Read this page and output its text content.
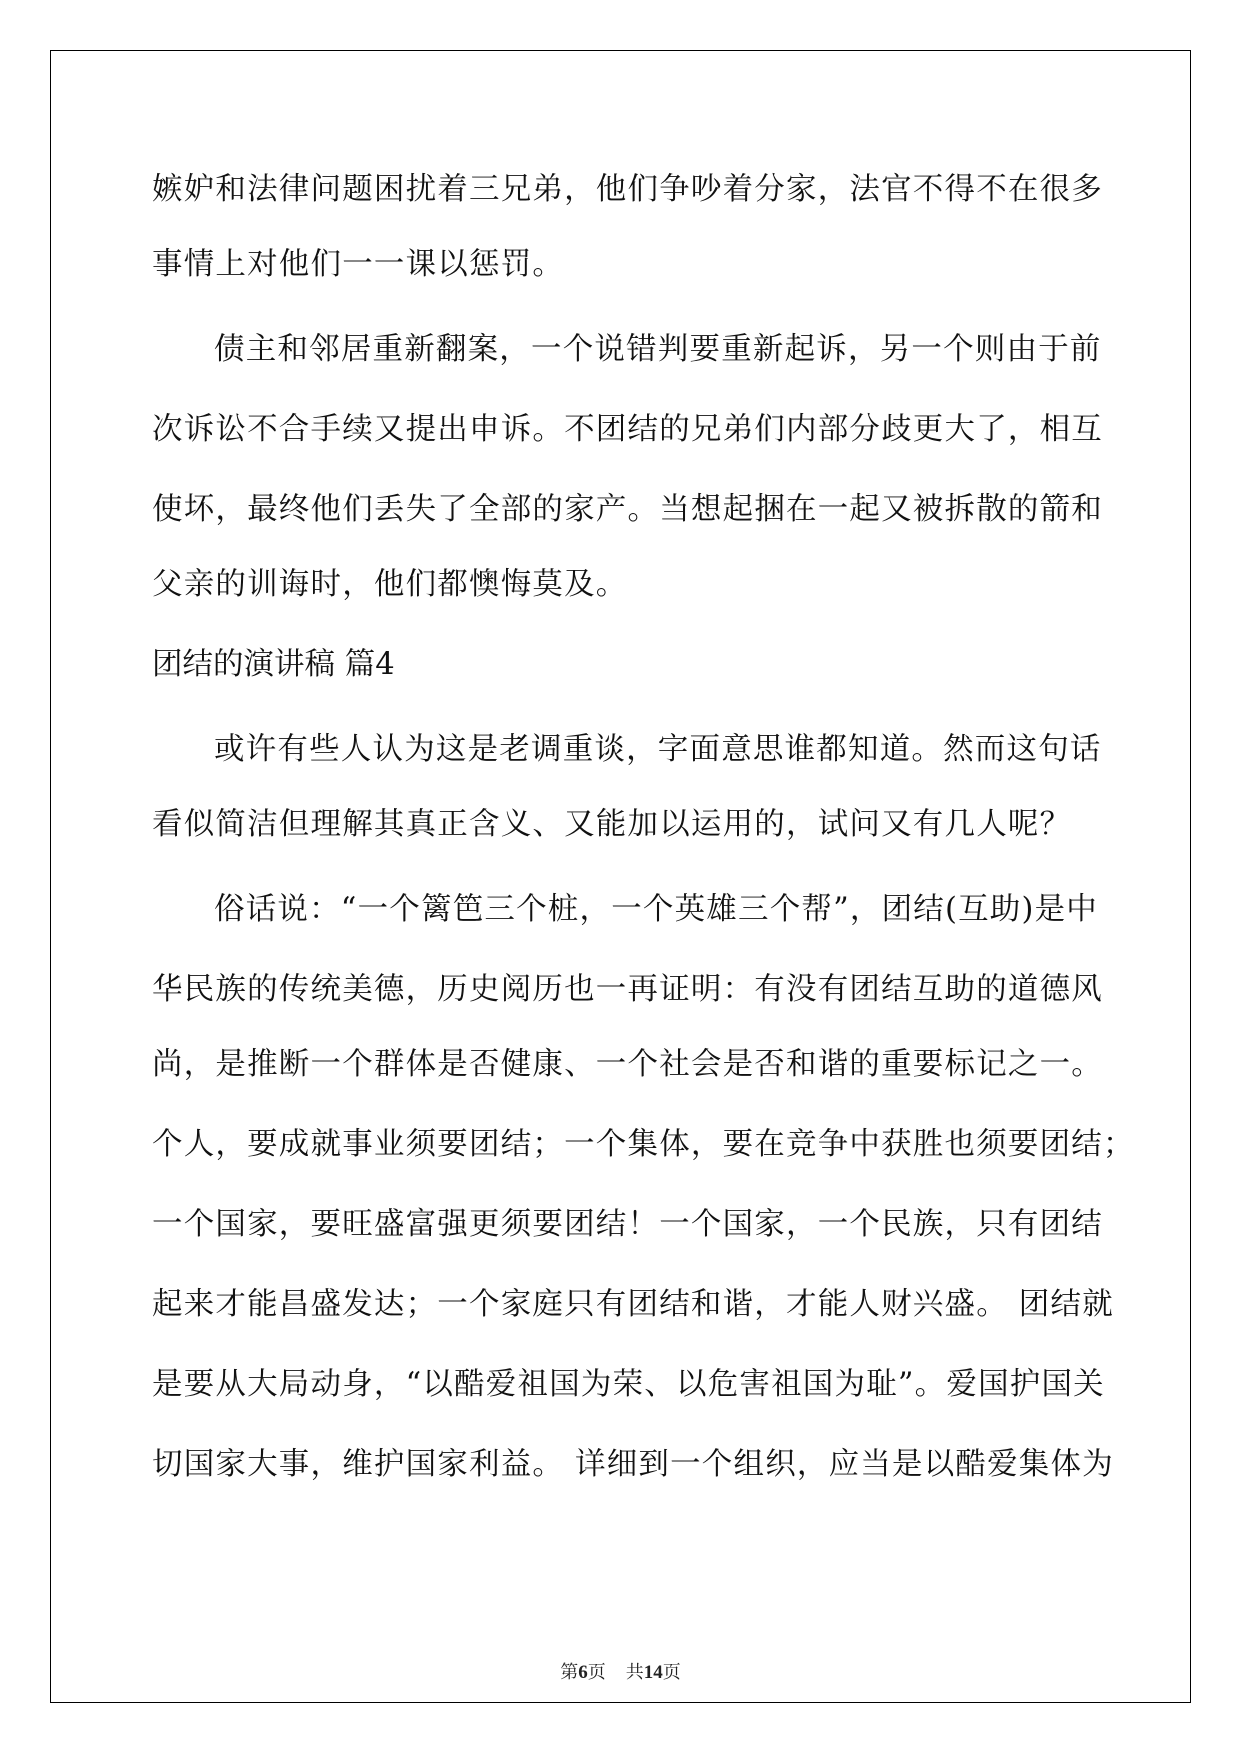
嫉妒和法律问题困扰着三兄弟，他们争吵着分家，法官不得不在很多
事情上对他们一一课以惩罚。
债主和邻居重新翻案，一个说错判要重新起诉，另一个则由于前
次诉讼不合手续又提出申诉。不团结的兄弟们内部分歧更大了，相互
使坏，最终他们丢失了全部的家产。当想起捆在一起又被拆散的箭和
父亲的训诲时，他们都懊悔莫及。
团结的演讲稿 篇4
或许有些人认为这是老调重谈，字面意思谁都知道。然而这句话
看似简洁但理解其真正含义、又能加以运用的，试问又有几人呢？
俗话说：“一个篱笆三个桩，一个英雄三个帮”，团结(互助)是中
华民族的传统美德，历史阅历也一再证明：有没有团结互助的道德风
尚，是推断一个群体是否健康、一个社会是否和谐的重要标记之一。
个人，要成就事业须要团结；一个集体，要在竞争中获胜也须要团结；
一个国家，要旺盛富强更须要团结！一个国家，一个民族，只有团结
起来才能昌盛发达；一个家庭只有团结和谐，才能人财兴盛。 团结就
是要从大局动身，“以酷爱祖国为荣、以危害祖国为耻”。爱国护国关
切国家大事，维护国家利益。 详细到一个组织，应当是以酷爱集体为
第6页 共14页
